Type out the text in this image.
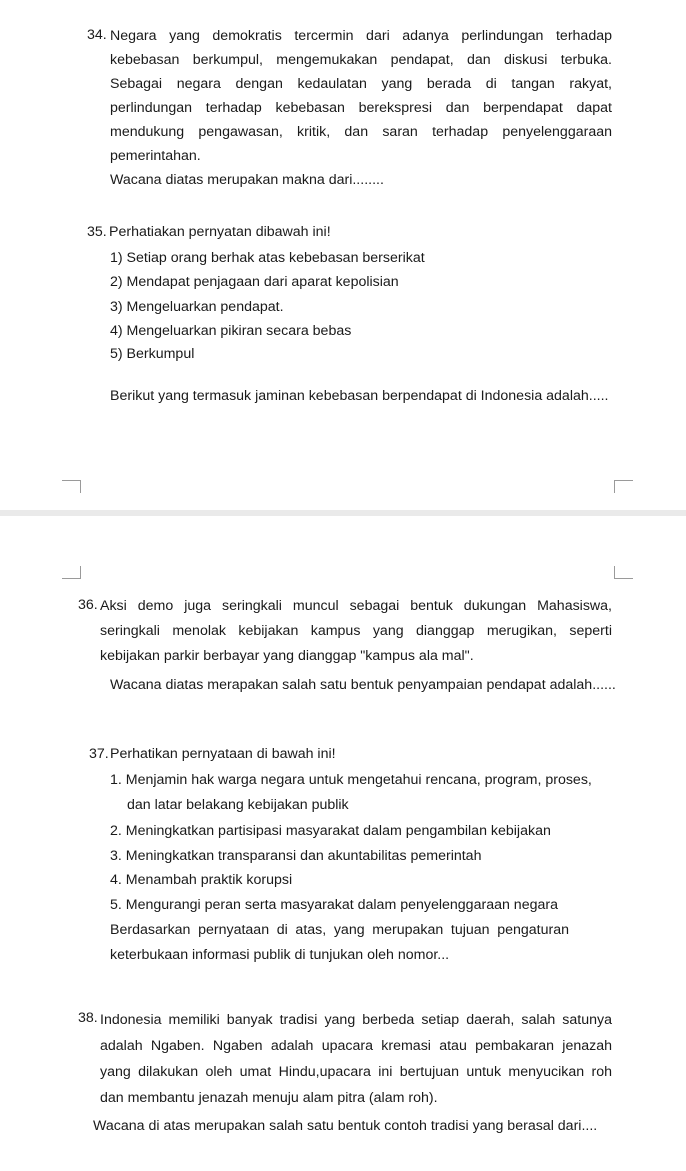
34. Negara yang demokratis tercermin dari adanya perlindungan terhadap
kebebasan berkumpul, mengemukakan pendapat, dan diskusi terbuka.
Sebagai negara dengan kedaulatan yang berada di tangan rakyat,
perlindungan terhadap kebebasan berekspresi dan berpendapat dapat
mendukung pengawasan, kritik, dan saran terhadap penyelenggaraan
pemerintahan.
Wacana diatas merupakan makna dari........
35. Perhatiakan pernyatan dibawah ini!
1) Setiap orang berhak atas kebebasan berserikat
2) Mendapat penjagaan dari aparat kepolisian
3) Mengeluarkan pendapat.
4) Mengeluarkan pikiran secara bebas
5) Berkumpul
Berikut yang termasuk jaminan kebebasan berpendapat di Indonesia adalah.....
36. Aksi demo juga seringkali muncul sebagai bentuk dukungan Mahasiswa,
seringkali menolak kebijakan kampus yang dianggap merugikan, seperti
kebijakan parkir berbayar yang dianggap "kampus ala mal".
Wacana diatas merapakan salah satu bentuk penyampaian pendapat adalah......
37. Perhatikan pernyataan di bawah ini!
1. Menjamin hak warga negara untuk mengetahui rencana, program, proses,
dan latar belakang kebijakan publik
2. Meningkatkan partisipasi masyarakat dalam pengambilan kebijakan
3. Meningkatkan transparansi dan akuntabilitas pemerintah
4. Menambah praktik korupsi
5. Mengurangi peran serta masyarakat dalam penyelenggaraan negara
Berdasarkan pernyataan di atas, yang merupakan tujuan pengaturan
keterbukaan informasi publik di tunjukan oleh nomor...
38. Indonesia memiliki banyak tradisi yang berbeda setiap daerah, salah satunya
adalah Ngaben. Ngaben adalah upacara kremasi atau pembakaran jenazah
yang dilakukan oleh umat Hindu,upacara ini bertujuan untuk menyucikan roh
dan membantu jenazah menuju alam pitra (alam roh).
Wacana di atas merupakan salah satu bentuk contoh tradisi yang berasal dari....
